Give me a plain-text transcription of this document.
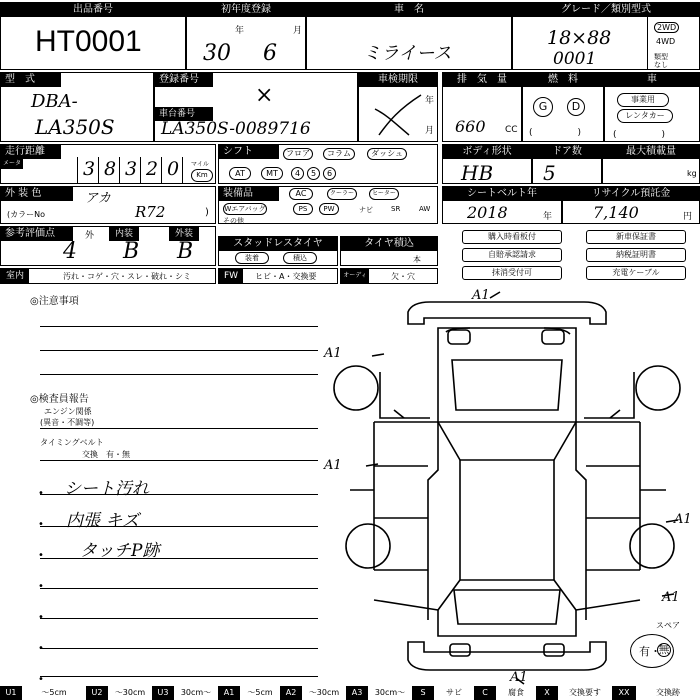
出品番号
HT0001
初年度登録
年	月
30 6
車　名
ミライース
グレード／類別型式
18×88
0001
2WD
4WD
類型なし
型　式
DBA-
LA350S
登録番号
×
車台番号
LA350S-0089716
車検期限
年
月
排　気　量
660 CC
燃　料
G	D
(　　　　　)
車
事業用
レンタカー
(　　　　　)
走行距離
メーター	3 8 3 2 0 マイル
Km
シフト	フロア	コラム	ダッシュ
AT	MT	4	5	6
ボディ形状
HB
ドア数
5
最大積載量
kg
外 装 色	アカ
(カラーNo	R72	)
装備品	AC	クーラー	ヒーター
Wエアバッグ	PS	PW	ナビ	SR	AW
その他
シートベルト年
2018	年
リサイクル預託金
7,140	円
参考評価点	外	内装	外装
4 B B	スタッドレスタイヤ
装着	積込
タイヤ積込
本
購入時看板付	新車保証書
自賠承認請求	納税証明書
抹消受付可	充電ケーブル
室内	汚れ・コゲ・穴・スレ・破れ・シミ	FW	ヒビ・A・交換要	オーディオ
欠・穴
◎注意事項
◎検査員報告
エンジン関係
(異音・不調等)
タイミングベルト
交換　有・無
•
•
•
•
•
•
•
シート汚れ
内張 キズ
タッチP跡
A1
A1
A1
A1
A1
A1
スペア
有 ・
無
U1	～5cm	U2	～30cm	U3	30cm～	A1	～5cm	A2	～30cm	A3	30cm～	S	サビ	C	腐食	X	交換要す	XX	交換跡
